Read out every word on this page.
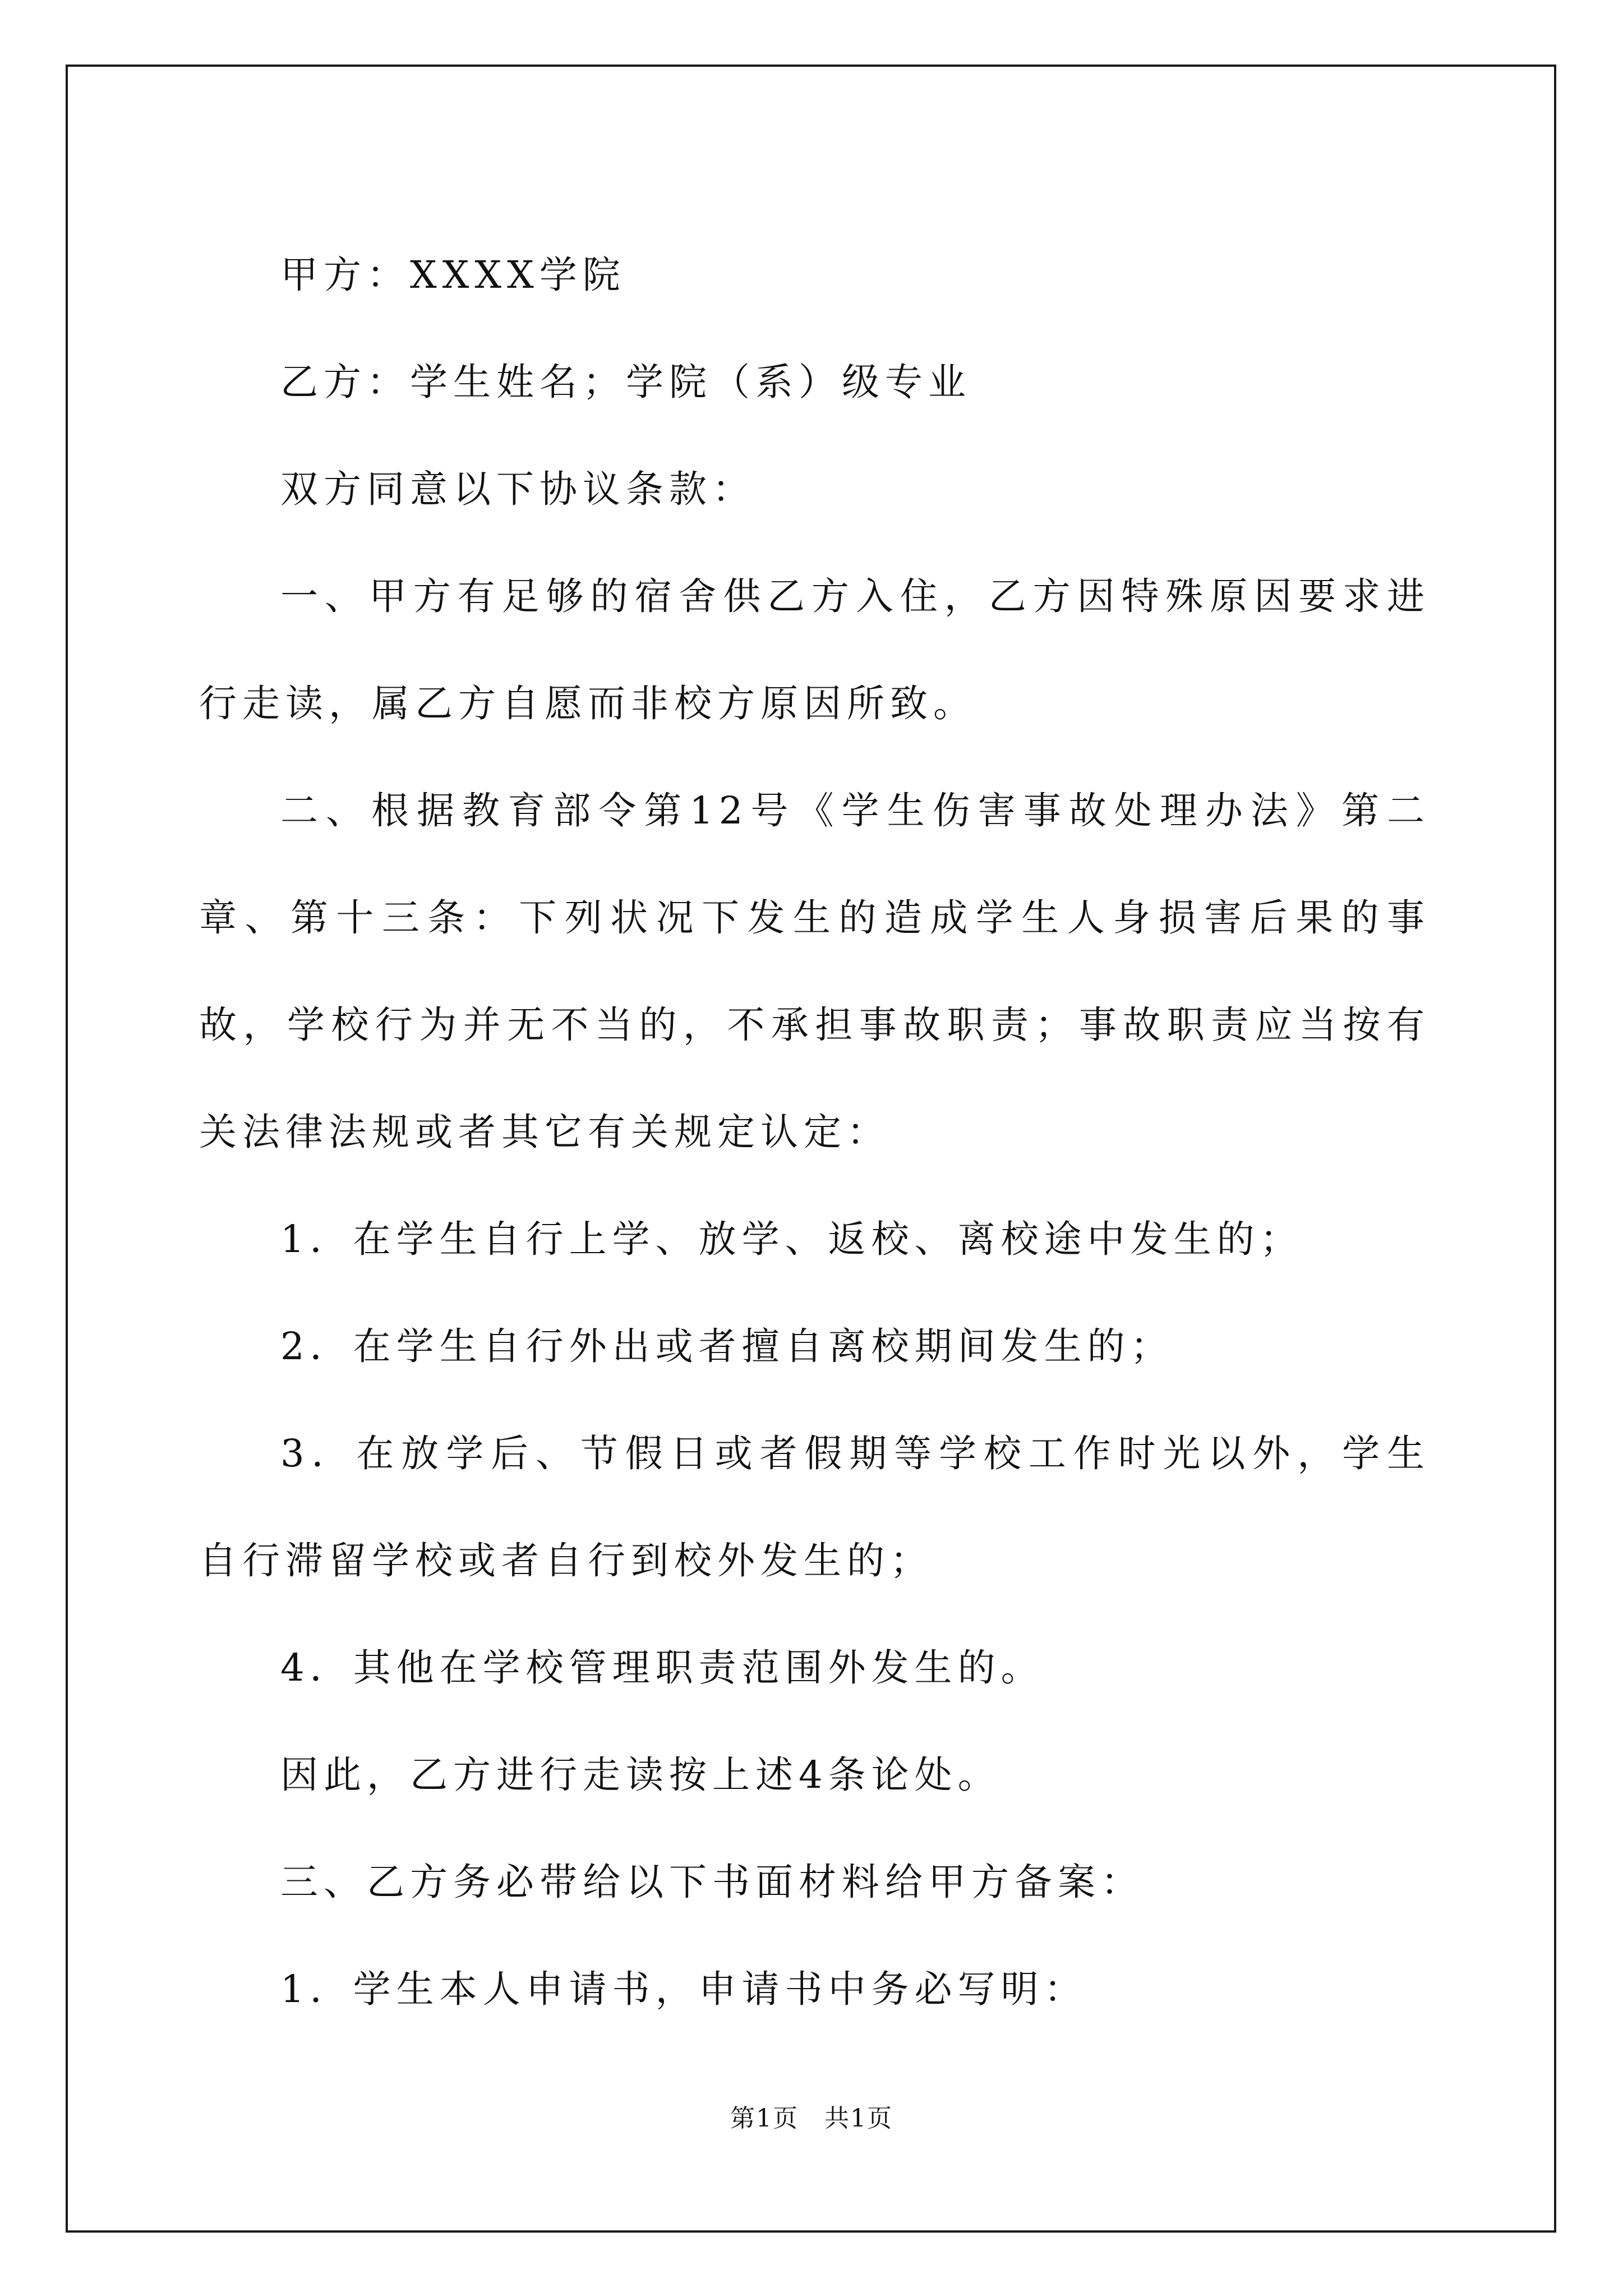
甲方：XXXX学院

乙方：学生姓名；学院（系）级专业

双方同意以下协议条款：

一、甲方有足够的宿舍供乙方入住，乙方因特殊原因要求进行走读，属乙方自愿而非校方原因所致。

二、根据教育部令第12号《学生伤害事故处理办法》第二章、第十三条：下列状况下发生的造成学生人身损害后果的事故，学校行为并无不当的，不承担事故职责；事故职责应当按有关法律法规或者其它有关规定认定：

1．在学生自行上学、放学、返校、离校途中发生的；

2．在学生自行外出或者擅自离校期间发生的；

3．在放学后、节假日或者假期等学校工作时光以外，学生自行滞留学校或者自行到校外发生的；

4．其他在学校管理职责范围外发生的。

因此，乙方进行走读按上述4条论处。

三、乙方务必带给以下书面材料给甲方备案：

1．学生本人申请书，申请书中务必写明：

第1页　共1页
